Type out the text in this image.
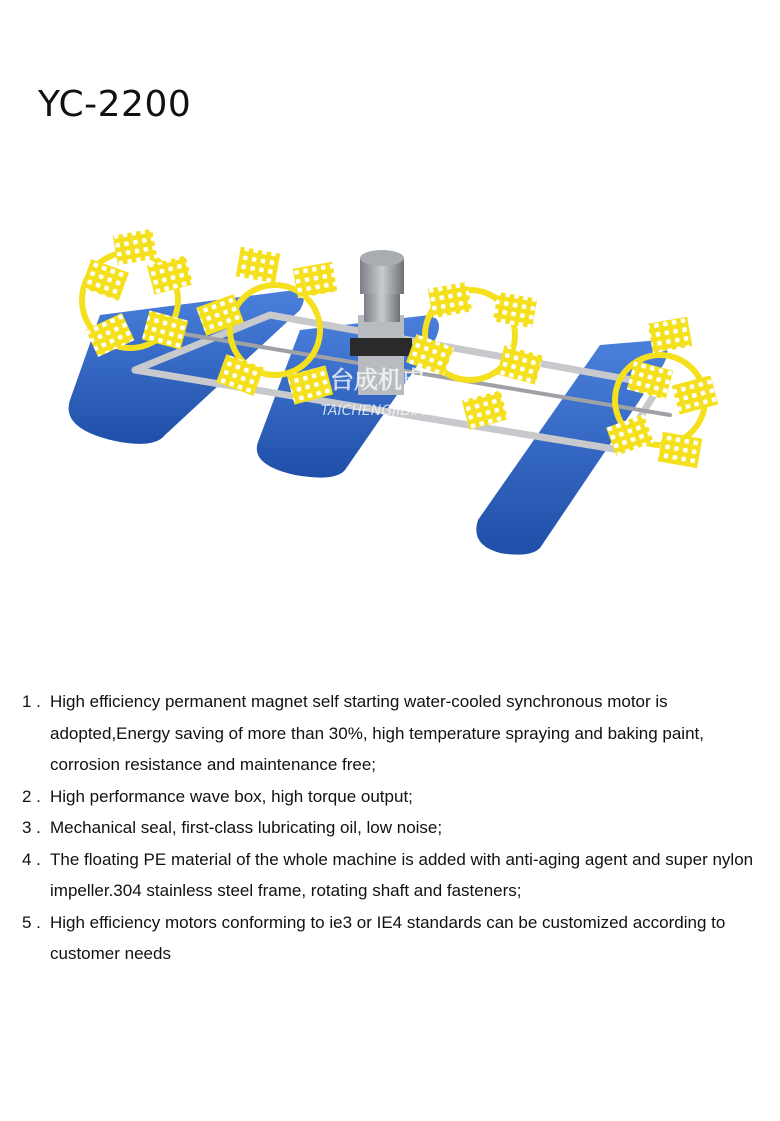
YC-2200
台成机电
TAICHENGJIDIAN
1 . High efficiency permanent magnet self starting water-cooled synchronous motor is adopted,Energy saving of more than 30%, high temperature spraying and baking paint, corrosion resistance and maintenance free;
2 . High performance wave box, high torque output;
3 . Mechanical seal, first-class lubricating oil, low noise;
4 . The floating PE material of the whole machine is added with anti-aging agent and super nylon impeller.304 stainless steel frame, rotating shaft and fasteners;
5 . High efficiency motors conforming to ie3 or IE4 standards can be customized according to customer needs
